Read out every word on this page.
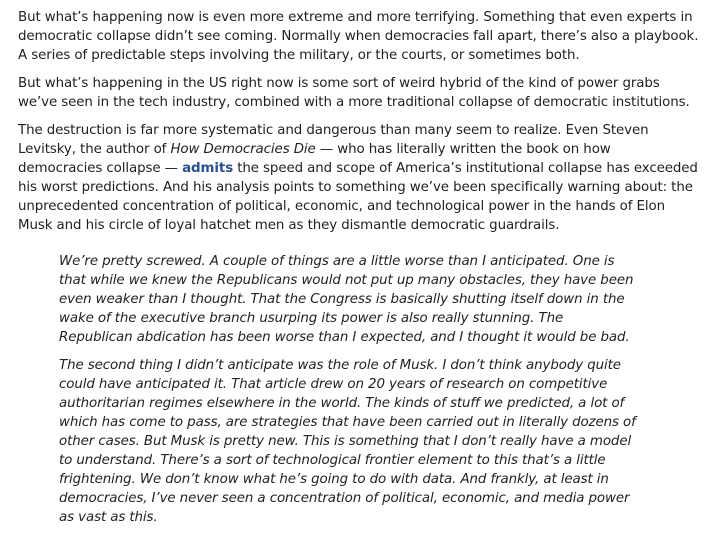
But what’s happening now is even more extreme and more terrifying. Something that even experts in democratic collapse didn’t see coming. Normally when democracies fall apart, there’s also a playbook. A series of predictable steps involving the military, or the courts, or sometimes both.

But what’s happening in the US right now is some sort of weird hybrid of the kind of power grabs we’ve seen in the tech industry, combined with a more traditional collapse of democratic institutions.

The destruction is far more systematic and dangerous than many seem to realize. Even Steven Levitsky, the author of How Democracies Die — who has literally written the book on how democracies collapse — admits the speed and scope of America’s institutional collapse has exceeded his worst predictions. And his analysis points to something we’ve been specifically warning about: the unprecedented concentration of political, economic, and technological power in the hands of Elon Musk and his circle of loyal hatchet men as they dismantle democratic guardrails.

We’re pretty screwed. A couple of things are a little worse than I anticipated. One is that while we knew the Republicans would not put up many obstacles, they have been even weaker than I thought. That the Congress is basically shutting itself down in the wake of the executive branch usurping its power is also really stunning. The Republican abdication has been worse than I expected, and I thought it would be bad.

The second thing I didn’t anticipate was the role of Musk. I don’t think anybody quite could have anticipated it. That article drew on 20 years of research on competitive authoritarian regimes elsewhere in the world. The kinds of stuff we predicted, a lot of which has come to pass, are strategies that have been carried out in literally dozens of other cases. But Musk is pretty new. This is something that I don’t really have a model to understand. There’s a sort of technological frontier element to this that’s a little frightening. We don’t know what he’s going to do with data. And frankly, at least in democracies, I’ve never seen a concentration of political, economic, and media power as vast as this.
